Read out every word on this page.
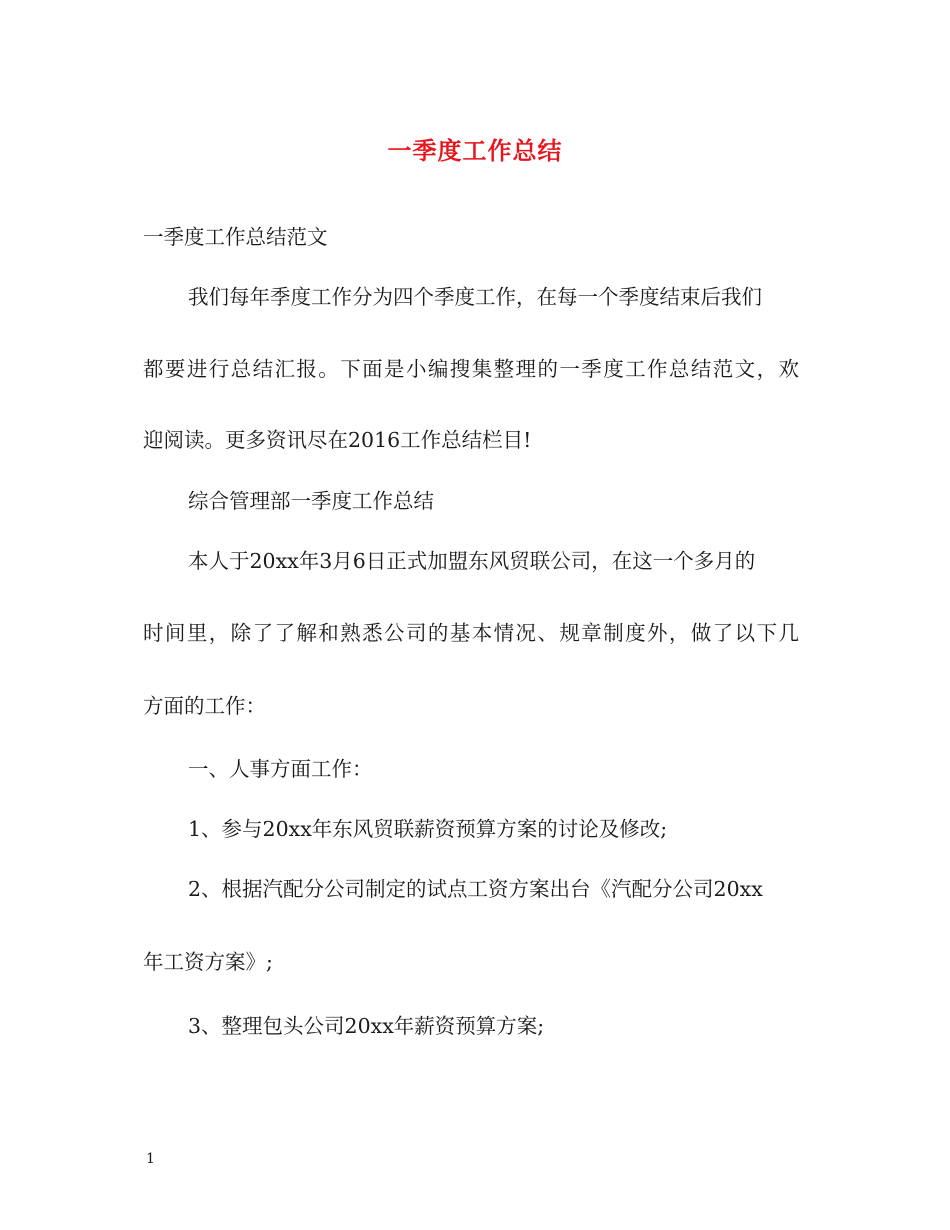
一季度工作总结
一季度工作总结范文
我们每年季度工作分为四个季度工作，在每一个季度结束后我们
都要进行总结汇报。下面是小编搜集整理的一季度工作总结范文，欢
迎阅读。更多资讯尽在2016工作总结栏目!
综合管理部一季度工作总结
本人于20xx年3月6日正式加盟东风贸联公司，在这一个多月的
时间里，除了了解和熟悉公司的基本情况、规章制度外，做了以下几
方面的工作：
一、人事方面工作：
1、参与20xx年东风贸联薪资预算方案的讨论及修改;
2、根据汽配分公司制定的试点工资方案出台《汽配分公司20xx
年工资方案》;
3、整理包头公司20xx年薪资预算方案;
1
